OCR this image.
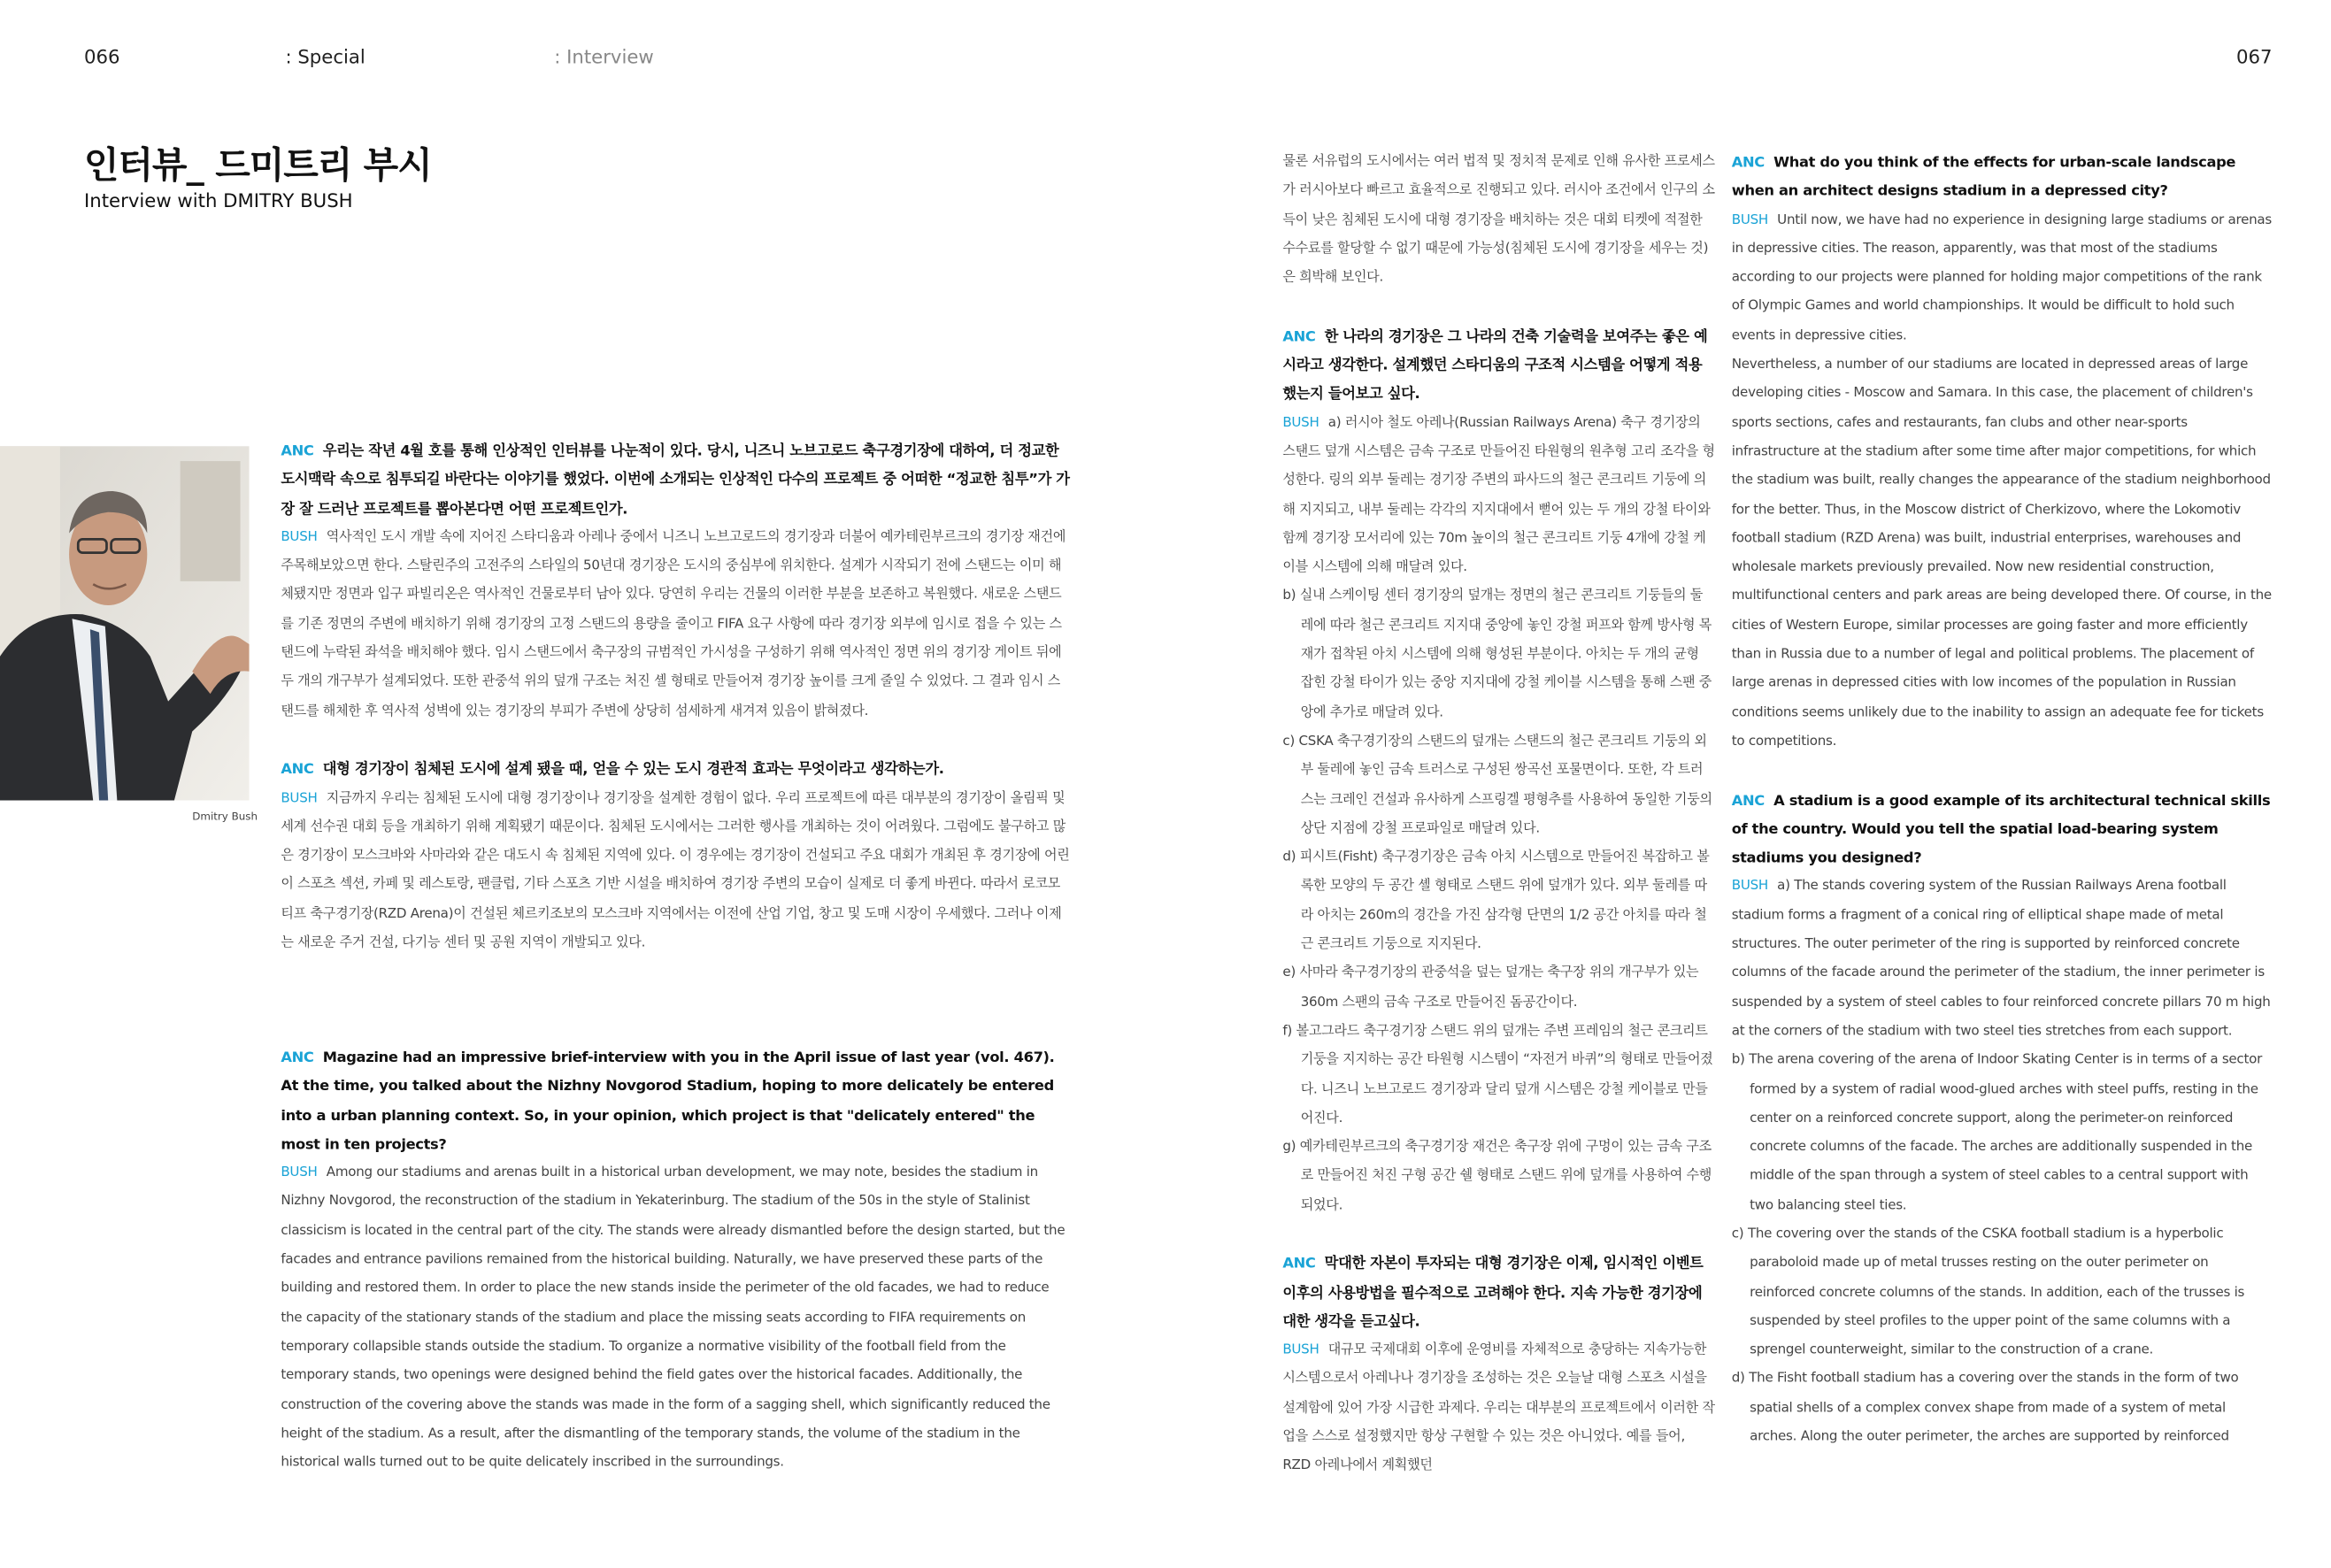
066	: Special	: Interview
인터뷰_ 드미트리 부시
Interview with DMITRY BUSH
Dmitry Bush

ANC 우리는 작년 4월 호를 통해 인상적인 인터뷰를 나눈적이 있다. 당시, 니즈니 노브고로드 축구경기장에 대하여, 더 정교한 도시맥락 속으로 침투되길 바란다는 이야기를 했었다. 이번에 소개되는 인상적인 다수의 프로젝트 중 어떠한 “정교한 침투”가 가장 잘 드러난 프로젝트를 뽑아본다면 어떤 프로젝트인가.

BUSH 역사적인 도시 개발 속에 지어진 스타디움과 아레나 중에서 니즈니 노브고로드의 경기장과 더불어 예카테린부르크의 경기장 재건에 주목해보았으면 한다. 스탈린주의 고전주의 스타일의 50년대 경기장은 도시의 중심부에 위치한다. 설계가 시작되기 전에 스탠드는 이미 해체됐지만 정면과 입구 파빌리온은 역사적인 건물로부터 남아 있다. 당연히 우리는 건물의 이러한 부분을 보존하고 복원했다. 새로운 스탠드를 기존 정면의 주변에 배치하기 위해 경기장의 고정 스탠드의 용량을 줄이고 FIFA 요구 사항에 따라 경기장 외부에 임시로 접을 수 있는 스탠드에 누락된 좌석을 배치해야 했다. 임시 스탠드에서 축구장의 규범적인 가시성을 구성하기 위해 역사적인 정면 위의 경기장 게이트 뒤에 두 개의 개구부가 설계되었다. 또한 관중석 위의 덮개 구조는 처진 셸 형태로 만들어져 경기장 높이를 크게 줄일 수 있었다. 그 결과 임시 스탠드를 해체한 후 역사적 성벽에 있는 경기장의 부피가 주변에 상당히 섬세하게 새겨져 있음이 밝혀졌다.

ANC 대형 경기장이 침체된 도시에 설계 됐을 때, 얻을 수 있는 도시 경관적 효과는 무엇이라고 생각하는가.

BUSH 지금까지 우리는 침체된 도시에 대형 경기장이나 경기장을 설계한 경험이 없다. 우리 프로젝트에 따른 대부분의 경기장이 올림픽 및 세계 선수권 대회 등을 개최하기 위해 계획됐기 때문이다. 침체된 도시에서는 그러한 행사를 개최하는 것이 어려웠다. 그럼에도 불구하고 많은 경기장이 모스크바와 사마라와 같은 대도시 속 침체된 지역에 있다. 이 경우에는 경기장이 건설되고 주요 대회가 개최된 후 경기장에 어린이 스포츠 섹션, 카페 및 레스토랑, 팬클럽, 기타 스포츠 기반 시설을 배치하여 경기장 주변의 모습이 실제로 더 좋게 바뀐다. 따라서 로코모티프 축구경기장(RZD Arena)이 건설된 체르키조보의 모스크바 지역에서는 이전에 산업 기업, 창고 및 도매 시장이 우세했다. 그러나 이제는 새로운 주거 건설, 다기능 센터 및 공원 지역이 개발되고 있다.

ANC Magazine had an impressive brief-interview with you in the April issue of last year (vol. 467). At the time, you talked about the Nizhny Novgorod Stadium, hoping to more delicately be entered into a urban planning context. So, in your opinion, which project is that "delicately entered" the most in ten projects?

BUSH Among our stadiums and arenas built in a historical urban development, we may note, besides the stadium in Nizhny Novgorod, the reconstruction of the stadium in Yekaterinburg. The stadium of the 50s in the style of Stalinist classicism is located in the central part of the city. The stands were already dismantled before the design started, but the facades and entrance pavilions remained from the historical building. Naturally, we have preserved these parts of the building and restored them. In order to place the new stands inside the perimeter of the old facades, we had to reduce the capacity of the stationary stands of the stadium and place the missing seats according to FIFA requirements on temporary collapsible stands outside the stadium. To organize a normative visibility of the football field from the temporary stands, two openings were designed behind the field gates over the historical facades. Additionally, the construction of the covering above the stands was made in the form of a sagging shell, which significantly reduced the height of the stadium. As a result, after the dismantling of the temporary stands, the volume of the stadium in the historical walls turned out to be quite delicately inscribed in the surroundings.

067

물론 서유럽의 도시에서는 여러 법적 및 정치적 문제로 인해 유사한 프로세스가 러시아보다 빠르고 효율적으로 진행되고 있다. 러시아 조건에서 인구의 소득이 낮은 침체된 도시에 대형 경기장을 배치하는 것은 대회 티켓에 적절한 수수료를 할당할 수 없기 때문에 가능성(침체된 도시에 경기장을 세우는 것)은 희박해 보인다.

ANC 한 나라의 경기장은 그 나라의 건축 기술력을 보여주는 좋은 예시라고 생각한다. 설계했던 스타디움의 구조적 시스템을 어떻게 적용했는지 들어보고 싶다.

BUSH a) 러시아 철도 아레나(Russian Railways Arena) 축구 경기장의 스탠드 덮개 시스템은 금속 구조로 만들어진 타원형의 원추형 고리 조각을 형성한다. 링의 외부 둘레는 경기장 주변의 파사드의 철근 콘크리트 기둥에 의해 지지되고, 내부 둘레는 각각의 지지대에서 뻗어 있는 두 개의 강철 타이와 함께 경기장 모서리에 있는 70m 높이의 철근 콘크리트 기둥 4개에 강철 케이블 시스템에 의해 매달려 있다.

b) 실내 스케이팅 센터 경기장의 덮개는 정면의 철근 콘크리트 기둥들의 둘레에 따라 철근 콘크리트 지지대 중앙에 놓인 강철 퍼프와 함께 방사형 목재가 접착된 아치 시스템에 의해 형성된 부분이다. 아치는 두 개의 균형 잡힌 강철 타이가 있는 중앙 지지대에 강철 케이블 시스템을 통해 스팬 중앙에 추가로 매달려 있다.

c) CSKA 축구경기장의 스탠드의 덮개는 스탠드의 철근 콘크리트 기둥의 외부 둘레에 놓인 금속 트러스로 구성된 쌍곡선 포물면이다. 또한, 각 트러스는 크레인 건설과 유사하게 스프링겔 평형추를 사용하여 동일한 기둥의 상단 지점에 강철 프로파일로 매달려 있다.

d) 피시트(Fisht) 축구경기장은 금속 아치 시스템으로 만들어진 복잡하고 볼록한 모양의 두 공간 셸 형태로 스탠드 위에 덮개가 있다. 외부 둘레를 따라 아치는 260m의 경간을 가진 삼각형 단면의 1/2 공간 아치를 따라 철근 콘크리트 기둥으로 지지된다.

e) 사마라 축구경기장의 관중석을 덮는 덮개는 축구장 위의 개구부가 있는 360m 스팬의 금속 구조로 만들어진 돔공간이다.

f) 볼고그라드 축구경기장 스탠드 위의 덮개는 주변 프레임의 철근 콘크리트 기둥을 지지하는 공간 타원형 시스템이 “자전거 바퀴”의 형태로 만들어졌다. 니즈니 노브고로드 경기장과 달리 덮개 시스템은 강철 케이블로 만들어진다.

g) 예카테린부르크의 축구경기장 재건은 축구장 위에 구멍이 있는 금속 구조로 만들어진 처진 구형 공간 쉘 형태로 스탠드 위에 덮개를 사용하여 수행되었다.

ANC 막대한 자본이 투자되는 대형 경기장은 이제, 임시적인 이벤트 이후의 사용방법을 필수적으로 고려해야 한다. 지속 가능한 경기장에 대한 생각을 듣고싶다.

BUSH 대규모 국제대회 이후에 운영비를 자체적으로 충당하는 지속가능한 시스템으로서 아레나나 경기장을 조성하는 것은 오늘날 대형 스포츠 시설을 설계함에 있어 가장 시급한 과제다. 우리는 대부분의 프로젝트에서 이러한 작업을 스스로 설정했지만 항상 구현할 수 있는 것은 아니었다. 예를 들어, RZD 아레나에서 계획했던

ANC What do you think of the effects for urban-scale landscape when an architect designs stadium in a depressed city?

BUSH Until now, we have had no experience in designing large stadiums or arenas in depressive cities. The reason, apparently, was that most of the stadiums according to our projects were planned for holding major competitions of the rank of Olympic Games and world championships. It would be difficult to hold such events in depressive cities.

Nevertheless, a number of our stadiums are located in depressed areas of large developing cities - Moscow and Samara. In this case, the placement of children's sports sections, cafes and restaurants, fan clubs and other near-sports infrastructure at the stadium after some time after major competitions, for which the stadium was built, really changes the appearance of the stadium neighborhood for the better. Thus, in the Moscow district of Cherkizovo, where the Lokomotiv football stadium (RZD Arena) was built, industrial enterprises, warehouses and wholesale markets previously prevailed. Now new residential construction, multifunctional centers and park areas are being developed there. Of course, in the cities of Western Europe, similar processes are going faster and more efficiently than in Russia due to a number of legal and political problems. The placement of large arenas in depressed cities with low incomes of the population in Russian conditions seems unlikely due to the inability to assign an adequate fee for tickets to competitions.

ANC A stadium is a good example of its architectural technical skills of the country. Would you tell the spatial load-bearing system stadiums you designed?

BUSH a) The stands covering system of the Russian Railways Arena football stadium forms a fragment of a conical ring of elliptical shape made of metal structures. The outer perimeter of the ring is supported by reinforced concrete columns of the facade around the perimeter of the stadium, the inner perimeter is suspended by a system of steel cables to four reinforced concrete pillars 70 m high at the corners of the stadium with two steel ties stretches from each support.

b) The arena covering of the arena of Indoor Skating Center is in terms of a sector formed by a system of radial wood-glued arches with steel puffs, resting in the center on a reinforced concrete support, along the perimeter-on reinforced concrete columns of the facade. The arches are additionally suspended in the middle of the span through a system of steel cables to a central support with two balancing steel ties.

c) The covering over the stands of the CSKA football stadium is a hyperbolic paraboloid made up of metal trusses resting on the outer perimeter on reinforced concrete columns of the stands. In addition, each of the trusses is suspended by steel profiles to the upper point of the same columns with a sprengel counterweight, similar to the construction of a crane.

d) The Fisht football stadium has a covering over the stands in the form of two spatial shells of a complex convex shape from made of a system of metal arches. Along the outer perimeter, the arches are supported by reinforced
